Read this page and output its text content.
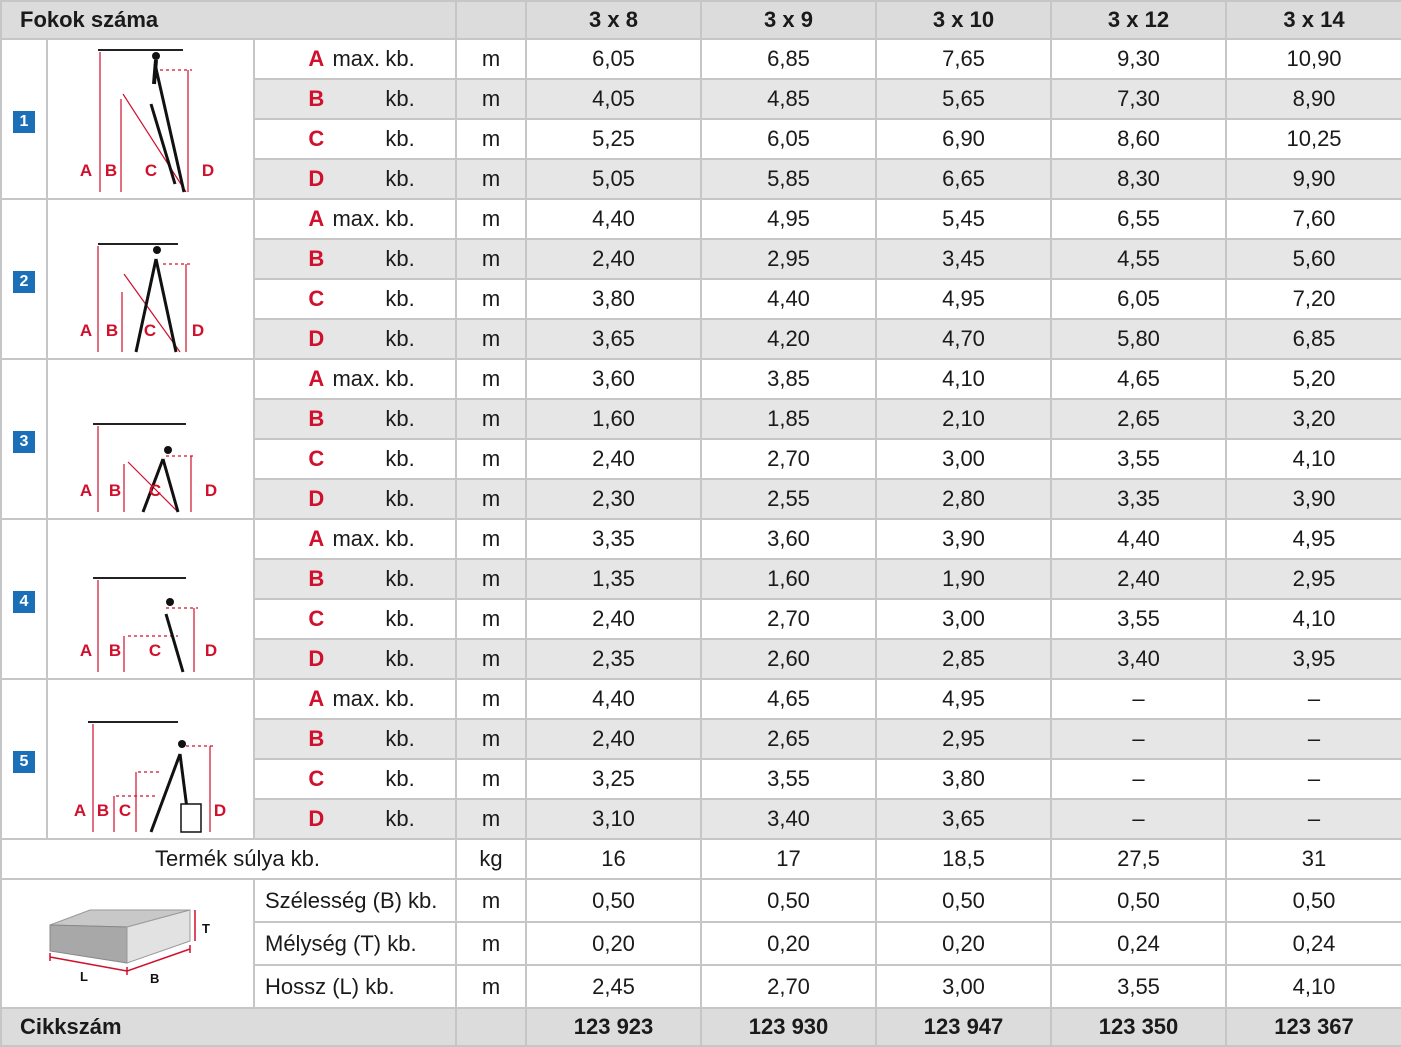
Fokok száma				3 x 8	3 x 9	3 x 10	3 x 12	3 x 14
1	A B C D	A max. kb.	m	6,05	6,85	7,65	9,30	10,90
		B kb.	m	4,05	4,85	5,65	7,30	8,90
		C kb.	m	5,25	6,05	6,90	8,60	10,25
		D kb.	m	5,05	5,85	6,65	8,30	9,90
2	A B C D	A max. kb.	m	4,40	4,95	5,45	6,55	7,60
		B kb.	m	2,40	2,95	3,45	4,55	5,60
		C kb.	m	3,80	4,40	4,95	6,05	7,20
		D kb.	m	3,65	4,20	4,70	5,80	6,85
3	A B C D	A max. kb.	m	3,60	3,85	4,10	4,65	5,20
		B kb.	m	1,60	1,85	2,10	2,65	3,20
		C kb.	m	2,40	2,70	3,00	3,55	4,10
		D kb.	m	2,30	2,55	2,80	3,35	3,90
4	A B C D	A max. kb.	m	3,35	3,60	3,90	4,40	4,95
		B kb.	m	1,35	1,60	1,90	2,40	2,95
		C kb.	m	2,40	2,70	3,00	3,55	4,10
		D kb.	m	2,35	2,60	2,85	3,40	3,95
5	A B C D	A max. kb.	m	4,40	4,65	4,95	–	–
		B kb.	m	2,40	2,65	2,95	–	–
		C kb.	m	3,25	3,55	3,80	–	–
		D kb.	m	3,10	3,40	3,65	–	–
Termék súlya kb.			kg	16	17	18,5	27,5	31

T
L B		Szélesség (B) kb.	m	0,50	0,50	0,50	0,50	0,50
		Mélység (T) kb.	m	0,20	0,20	0,20	0,24	0,24
		Hossz (L) kb.	m	2,45	2,70	3,00	3,55	4,10
Cikkszám				123 923	123 930	123 947	123 350	123 367
